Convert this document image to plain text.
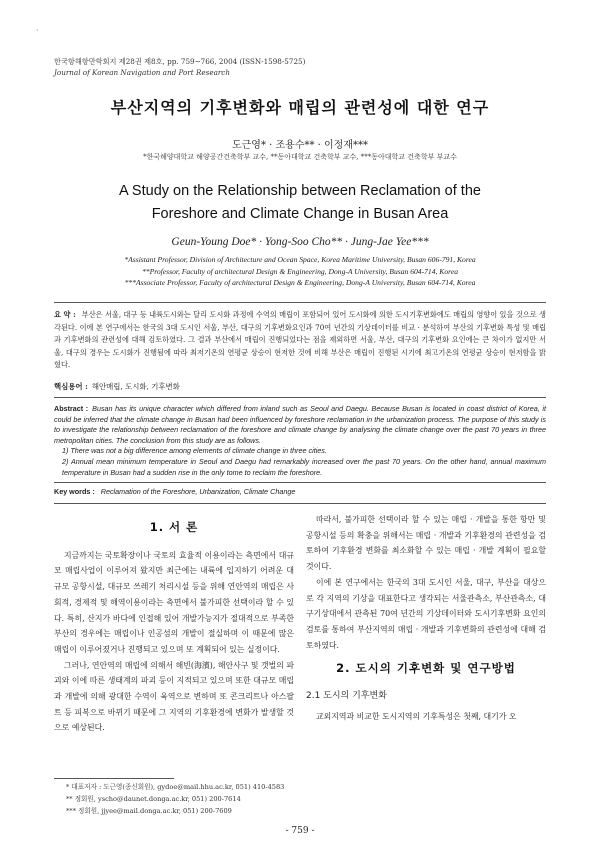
·
한국항해항만학회지 제28권 제8호, pp. 759∼766, 2004 (ISSN-1598-5725)
Journal of Korean Navigation and Port Research
부산지역의 기후변화와 매립의 관련성에 대한 연구
도근영* · 조용수** · 이정재***
*한국해양대학교 해양공간건축학부 교수, **동아대학교 건축학부 교수, ***동아대학교 건축학부 부교수
A Study on the Relationship between Reclamation of the
Foreshore and Climate Change in Busan Area
Geun-Young Doe* · Yong-Soo Cho** · Jung-Jae Yee***
*Assistant Professor, Division of Architecture and Ocean Space, Korea Maritime University, Busan 606-791, Korea
**Professor, Faculty of architectural Design & Engineering, Dong-A University, Busan 604-714, Korea
***Associate Professor, Faculty of architectural Design & Engineering, Dong-A University, Busan 604-714, Korea
요 약 : 부산은 서울, 대구 등 내륙도시와는 달리 도시화 과정에 수역의 매립이 포함되어 있어 도시화에 의한 도시기후변화에도 매립의 영향이 있을 것으로 생각된다. 이에 본 연구에서는 한국의 3대 도시인 서울, 부산, 대구의 기후변화요인과 70여 년간의 기상데이터를 비교 · 분석하여 부산의 기후변화 특성 및 매립과 기후변화의 관련성에 대해 검토하였다. 그 결과 부산에서 매립이 진행되었다는 점을 제외하면 서울, 부산, 대구의 기후변화 요인에는 큰 차이가 없지만 서울, 대구의 경우는 도시화가 진행됨에 따라 최저기온의 연평균 상승이 현저한 것에 비해 부산은 매립이 진행된 시기에 최고기온의 연평균 상승이 현저함을 밝혔다.
핵심용어 : 해안매립, 도시화, 기후변화
Abstract : Busan has its unique character which differed from inland such as Seoul and Daegu. Because Busan is located in coast district of Korea, it could be inferred that the climate change in Busan had been influenced by foreshore reclamation in the urbanization process. The purpose of this study is to investigate the relationship between reclamation of the foreshore and climate change by analysing the climate change over the past 70 years in three metropolitan cities. The conclusion from this study are as follows.
1) There was not a big difference among elements of climate change in three cities.
2) Annual mean minimum temperature in Seoul and Daegu had remarkably increased over the past 70 years. On the other hand, annual maximum temperature in Busan had a sudden rise in the only tome to reclaim the foreshore.
Key words : Reclamation of the Foreshore, Urbanization, Climate Change
1. 서 론

지금까지는 국토확장이나 국토의 효율적 이용이라는 측면에서 대규모 매립사업이 이루어져 왔지만 최근에는 내륙에 입지하기 어려운 대규모 공항시설, 대규모 쓰레기 처리시설 등을 위해 연안역의 매립은 사회적, 경제적 및 해역이용이라는 측면에서 불가피한 선택이라 할 수 있다. 특히, 산지가 바다에 인접해 있어 개발가능지가 절대적으로 부족한 부산의 경우에는 매립이나 인공섬의 개발이 절실하며 이 때문에 많은 매립이 이루어졌거나 진행되고 있으며 또 계획되어 있는 실정이다.

그러나, 연안역의 매립에 의해서 해빈(海濱), 해안사구 및 갯벌의 파괴와 이에 따른 생태계의 파괴 등이 지적되고 있으며 또한 대규모 매립과 개발에 의해 광대한 수역이 육역으로 변하며 또 콘크리트나 아스팔트 등 피복으로 바뀌기 때문에 그 지역의 기후환경에 변화가 발생할 것으로 예상된다.

따라서, 불가피한 선택이라 할 수 있는 매립 · 개발을 통한 항만 및 공항시설 등의 확충을 위해서는 매립 · 개발과 기후환경의 관련성을 검토하여 기후환경 변화를 최소화할 수 있는 매립 · 개발 계획이 필요할 것이다.

이에 본 연구에서는 한국의 3대 도시인 서울, 대구, 부산을 대상으로 각 지역의 기상을 대표한다고 생각되는 서울관측소, 부산관측소, 대구기상대에서 관측된 70여 년간의 기상데이터와 도시기후변화 요인의 검토를 통하여 부산지역의 매립 · 개발과 기후변화의 관련성에 대해 검토하였다.

2. 도시의 기후변화 및 연구방법
2.1 도시의 기후변화

교외지역과 비교한 도시지역의 기후특성은 첫째, 대기가 오

* 대표저자 : 도근영(종신회원), gydoe@mail.hhu.ac.kr, 051) 410-4583
** 정회원, yscho@daunet.donga.ac.kr, 051) 200-7614
*** 정회원, jjyee@mail.donga.ac.kr, 051) 200-7609
- 759 -
